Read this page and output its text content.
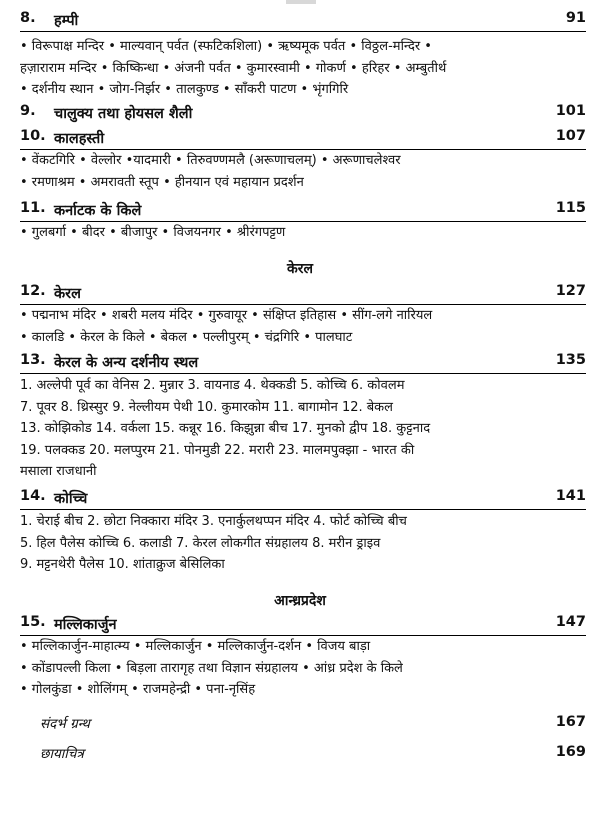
8. हम्पी	91
• विरूपाक्ष मन्दिर • माल्यवान् पर्वत (स्फटिकशिला) • ऋष्यमूक पर्वत • विठ्ठल-मन्दिर •
हज़ाराराम मन्दिर • किष्किन्धा • अंजनी पर्वत • कुमारस्वामी • गोकर्ण • हरिहर • अम्बुतीर्थ
• दर्शनीय स्थान • जोग-निर्झर • तालकुण्ड • साँकरी पाटण • भृंगगिरि
9. चालुक्य तथा होयसल शैली	101
10. कालहस्ती	107
• वेंकटगिरि • वेल्लोर •यादमारी • तिरुवण्णमलै (अरूणाचलम्) • अरूणाचलेश्वर
• रमणाश्रम • अमरावती स्तूप • हीनयान एवं महायान प्रदर्शन
11. कर्नाटक के किले	115
• गुलबर्गा • बीदर • बीजापुर • विजयनगर • श्रीरंगपट्टण
केरल
12. केरल	127
• पद्मनाभ मंदिर • शबरी मलय मंदिर • गुरुवायूर • संक्षिप्त इतिहास • सींग-लगे नारियल
• कालडि • केरल के किले • बेकल • पल्लीपुरम् • चंद्रगिरि • पालघाट
13. केरल के अन्य दर्शनीय स्थल	135
1. अल्लेपी पूर्व का वेनिस 2. मुन्नार 3. वायनाड 4. थेक्कडी 5. कोच्चि 6. कोवलम
7. पूवर 8. थ्रिस्सुर 9. नेल्लीयम पेथी 10. कुमारकोम 11. बागामोन 12. बेकल
13. कोझिकोड 14. वर्कला 15. कन्नूर 16. किझुन्ना बीच 17. मुनको द्वीप 18. कुट्टनाद
19. पलक्कड 20. मलप्पुरम 21. पोनमुडी 22. मरारी 23. मालमपुक्झा - भारत की
मसाला राजधानी
14. कोच्चि	141
1. चेराई बीच 2. छोटा निक्कारा मंदिर 3. एनार्कुलथप्पन मंदिर 4. फोर्ट कोच्चि बीच
5. हिल पैलेस कोच्चि 6. कलाडी 7. केरल लोकगीत संग्रहालय 8. मरीन ड्राइव
9. मट्टनथेरी पैलेस 10. शांताक्रुज बेसिलिका
आन्ध्रप्रदेश
15. मल्लिकार्जुन	147
• मल्लिकार्जुन-माहात्म्य • मल्लिकार्जुन • मल्लिकार्जुन-दर्शन • विजय बाड़ा
• कोंडापल्ली किला • बिड़ला तारागृह तथा विज्ञान संग्रहालय • आंध्र प्रदेश के किले
• गोलकुंडा • शोलिंगम् • राजमहेन्द्री • पना-नृसिंह
संदर्भ ग्रन्थ	167
छायाचित्र	169
